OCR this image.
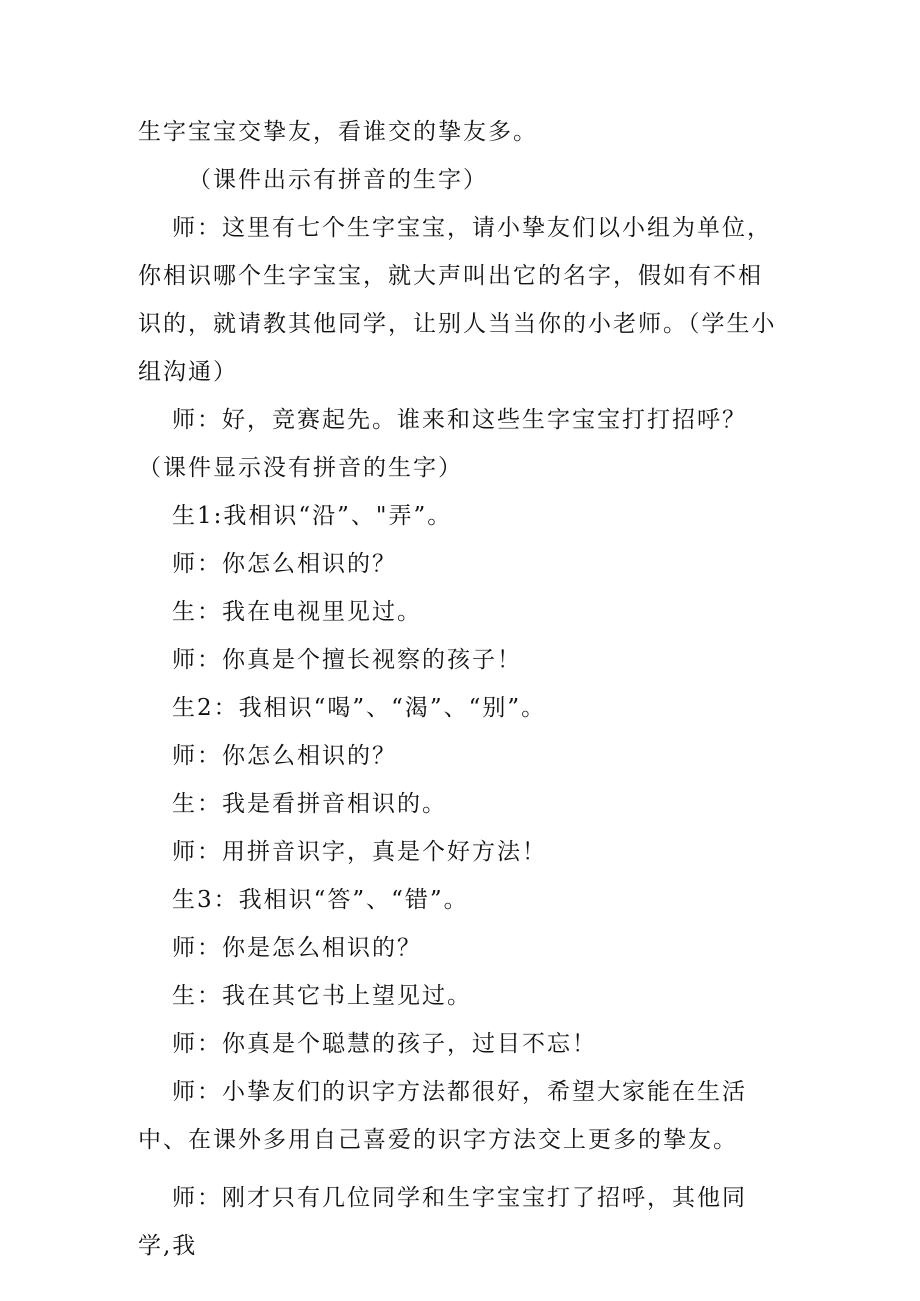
生字宝宝交挚友，看谁交的挚友多。

（课件出示有拼音的生字）

师：这里有七个生字宝宝，请小挚友们以小组为单位，你相识哪个生字宝宝，就大声叫出它的名字，假如有不相识的，就请教其他同学，让别人当当你的小老师。（学生小组沟通）

师：好，竞赛起先。谁来和这些生字宝宝打打招呼？（课件显示没有拼音的生字）

生1:我相识“沿”、"弄”。

师：你怎么相识的？

生：我在电视里见过。

师：你真是个擅长视察的孩子！

生2：我相识“喝”、“渴”、“别”。

师：你怎么相识的？

生：我是看拼音相识的。

师：用拼音识字，真是个好方法！

生3：我相识“答”、“错”。

师：你是怎么相识的？

生：我在其它书上望见过。

师：你真是个聪慧的孩子，过目不忘！

师：小挚友们的识字方法都很好，希望大家能在生活中、在课外多用自己喜爱的识字方法交上更多的挚友。

师：刚才只有几位同学和生字宝宝打了招呼，其他同学,我
